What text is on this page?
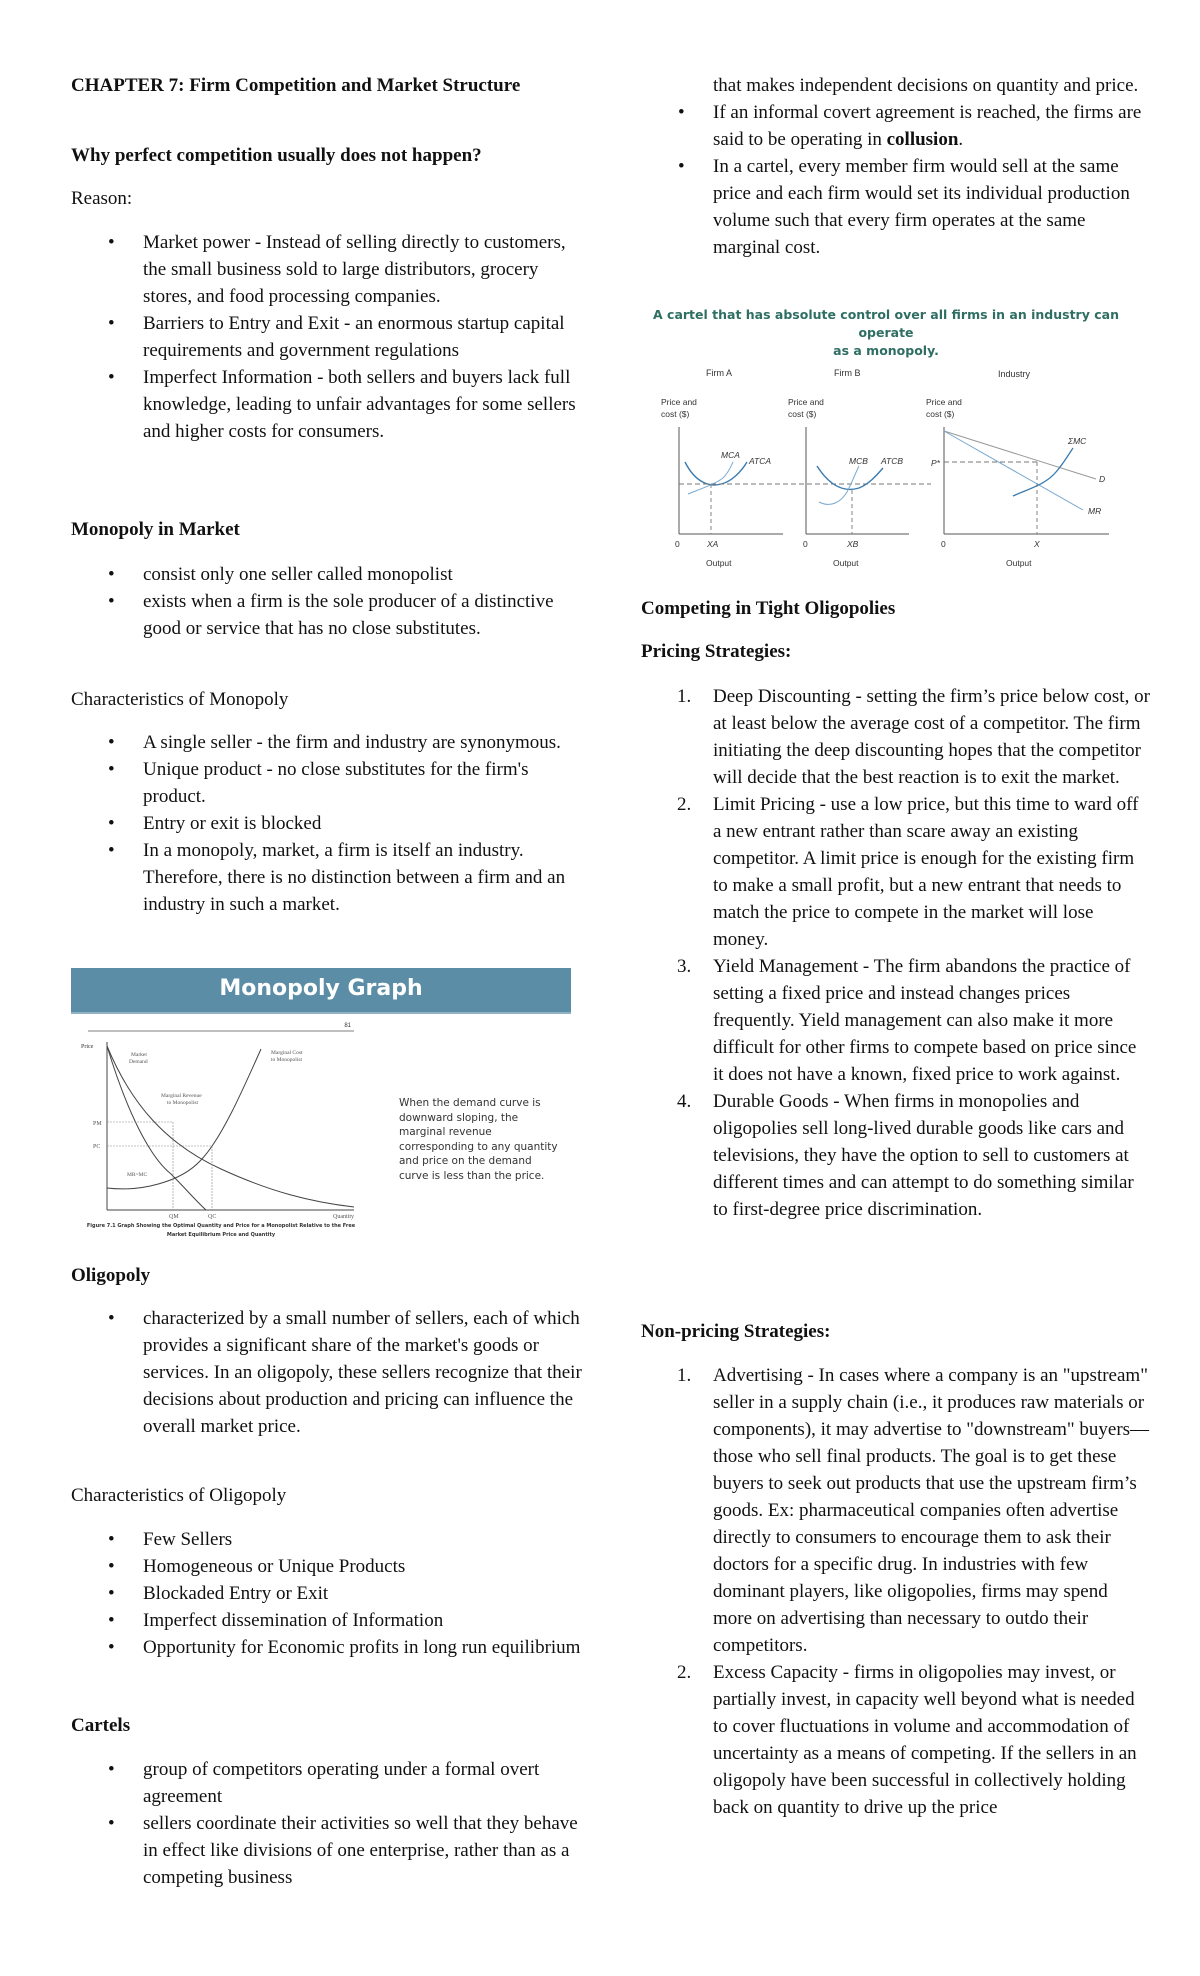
CHAPTER 7: Firm Competition and Market Structure

Why perfect competition usually does not happen?

Reason:

• Market power - Instead of selling directly to customers, the small business sold to large distributors, grocery stores, and food processing companies.
• Barriers to Entry and Exit - an enormous startup capital requirements and government regulations
• Imperfect Information - both sellers and buyers lack full knowledge, leading to unfair advantages for some sellers and higher costs for consumers.

Monopoly in Market

• consist only one seller called monopolist
• exists when a firm is the sole producer of a distinctive good or service that has no close substitutes.

Characteristics of Monopoly

• A single seller - the firm and industry are synonymous.
• Unique product - no close substitutes for the firm's product.
• Entry or exit is blocked
• In a monopoly, market, a firm is itself an industry. Therefore, there is no distinction between a firm and an industry in such a market.

Oligopoly

• characterized by a small number of sellers, each of which provides a significant share of the market's goods or services. In an oligopoly, these sellers recognize that their decisions about production and pricing can influence the overall market price.

Characteristics of Oligopoly

• Few Sellers
• Homogeneous or Unique Products
• Blockaded Entry or Exit
• Imperfect dissemination of Information
• Opportunity for Economic profits in long run equilibrium

Cartels

• group of competitors operating under a formal overt agreement
• sellers coordinate their activities so well that they behave in effect like divisions of one enterprise, rather than as a competing business
Monopoly Graph
81
Price
Market
Demand
Marginal Revenue
to Monopolist
Marginal Cost
to Monopolist
PM
PC
MR=MC
QM	QC	Quantity
Figure 7.1 Graph Showing the Optimal Quantity and Price for a Monopolist Relative to the Free
Market Equilibrium Price and Quantity
When the demand curve is downward sloping, the marginal revenue corresponding to any quantity and price on the demand curve is less than the price.
that makes independent decisions on quantity and price.
• If an informal covert agreement is reached, the firms are said to be operating in collusion.
• In a cartel, every member firm would sell at the same price and each firm would set its individual production volume such that every firm operates at the same marginal cost.

Competing in Tight Oligopolies

Pricing Strategies:

1. Deep Discounting - setting the firm’s price below cost, or at least below the average cost of a competitor. The firm initiating the deep discounting hopes that the competitor will decide that the best reaction is to exit the market.
2. Limit Pricing - use a low price, but this time to ward off a new entrant rather than scare away an existing competitor. A limit price is enough for the existing firm to make a small profit, but a new entrant that needs to match the price to compete in the market will lose money.
3. Yield Management - The firm abandons the practice of setting a fixed price and instead changes prices frequently. Yield management can also make it more difficult for other firms to compete based on price since it does not have a known, fixed price to work against.
4. Durable Goods - When firms in monopolies and oligopolies sell long-lived durable goods like cars and televisions, they have the option to sell to customers at different times and can attempt to do something similar to first-degree price discrimination.

Non-pricing Strategies:

1. Advertising - In cases where a company is an "upstream" seller in a supply chain (i.e., it produces raw materials or components), it may advertise to "downstream" buyers—those who sell final products. The goal is to get these buyers to seek out products that use the upstream firm’s goods. Ex: pharmaceutical companies often advertise directly to consumers to encourage them to ask their doctors for a specific drug. In industries with few dominant players, like oligopolies, firms may spend more on advertising than necessary to outdo their competitors.
2. Excess Capacity - firms in oligopolies may invest, or partially invest, in capacity well beyond what is needed to cover fluctuations in volume and accommodation of uncertainty as a means of competing. If the sellers in an oligopoly have been successful in collectively holding back on quantity to drive up the price
A cartel that has absolute control over all firms in an industry can operate
as a monopoly.
Firm A
Price and
cost ($)
MCA
ATCA
0	XA
Output
Firm B
Price and
cost ($)
MCB ATCB
0	XB
Output
Industry
Price and
cost ($)
P*
ΣMC
D
MR
0	X
Output
